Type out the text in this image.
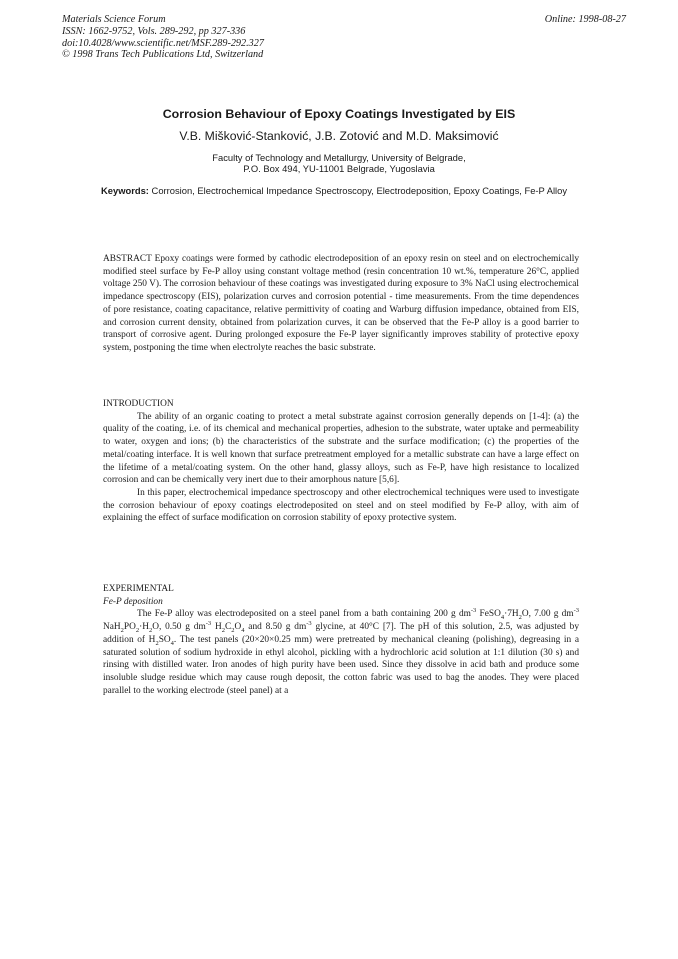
Materials Science Forum
ISSN: 1662-9752, Vols. 289-292, pp 327-336
doi:10.4028/www.scientific.net/MSF.289-292.327
© 1998 Trans Tech Publications Ltd, Switzerland
Online: 1998-08-27
Corrosion Behaviour of Epoxy Coatings Investigated by EIS
V.B. Mišković-Stanković, J.B. Zotović and M.D. Maksimović
Faculty of Technology and Metallurgy, University of Belgrade,
P.O. Box 494, YU-11001 Belgrade, Yugoslavia
Keywords: Corrosion, Electrochemical Impedance Spectroscopy, Electrodeposition, Epoxy Coatings, Fe-P Alloy

ABSTRACT Epoxy coatings were formed by cathodic electrodeposition of an epoxy resin on steel and on electrochemically modified steel surface by Fe-P alloy using constant voltage method (resin concentration 10 wt.%, temperature 26°C, applied voltage 250 V). The corrosion behaviour of these coatings was investigated during exposure to 3% NaCl using electrochemical impedance spectroscopy (EIS), polarization curves and corrosion potential - time measurements. From the time dependences of pore resistance, coating capacitance, relative permittivity of coating and Warburg diffusion impedance, obtained from EIS, and corrosion current density, obtained from polarization curves, it can be observed that the Fe-P alloy is a good barrier to transport of corrosive agent. During prolonged exposure the Fe-P layer significantly improves stability of protective epoxy system, postponing the time when electrolyte reaches the basic substrate.

INTRODUCTION

The ability of an organic coating to protect a metal substrate against corrosion generally depends on [1-4]: (a) the quality of the coating, i.e. of its chemical and mechanical properties, adhesion to the substrate, water uptake and permeability to water, oxygen and ions; (b) the characteristics of the substrate and the surface modification; (c) the properties of the metal/coating interface. It is well known that surface pretreatment employed for a metallic substrate can have a large effect on the lifetime of a metal/coating system. On the other hand, glassy alloys, such as Fe-P, have high resistance to localized corrosion and can be chemically very inert due to their amorphous nature [5,6].

In this paper, electrochemical impedance spectroscopy and other electrochemical techniques were used to investigate the corrosion behaviour of epoxy coatings electrodeposited on steel and on steel modified by Fe-P alloy, with aim of explaining the effect of surface modification on corrosion stability of epoxy protective system.

EXPERIMENTAL

Fe-P deposition

The Fe-P alloy was electrodeposited on a steel panel from a bath containing 200 g $dm^{-3}$ $FeSO_4\cdot 7H_2O$, 7.00 g $dm^{-3}$ $NaH_2PO_2\cdot H_2O$, 0.50 g $dm^{-3}$ $H_2C_2O_4$ and 8.50 g $dm^{-3}$ glycine, at 40°C [7]. The pH of this solution, 2.5, was adjusted by addition of $H_2SO_4$. The test panels (20×20×0.25 mm) were pretreated by mechanical cleaning (polishing), degreasing in a saturated solution of sodium hydroxide in ethyl alcohol, pickling with a hydrochloric acid solution at 1:1 dilution (30 s) and rinsing with distilled water. Iron anodes of high purity have been used. Since they dissolve in acid bath and produce some insoluble sludge residue which may cause rough deposit, the cotton fabric was used to bag the anodes. They were placed parallel to the working electrode (steel panel) at a
